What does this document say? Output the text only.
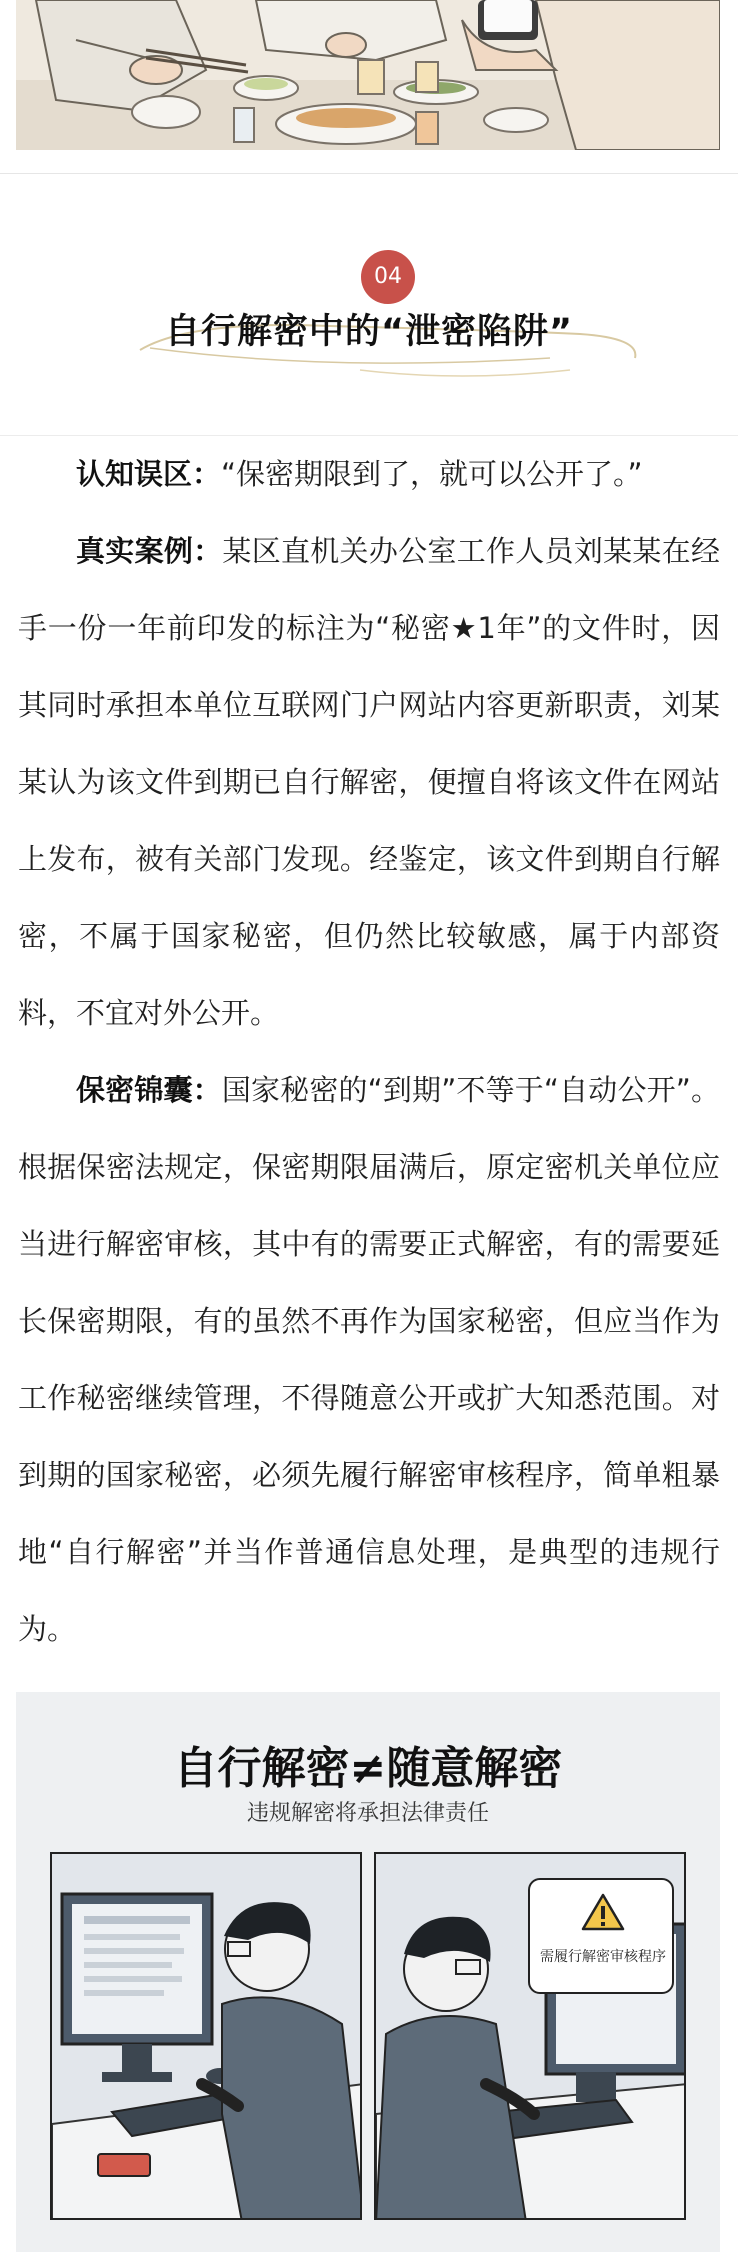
04
自行解密中的“泄密陷阱”

认知误区：“保密期限到了，就可以公开了。”

真实案例：某区直机关办公室工作人员刘某某在经手一份一年前印发的标注为“秘密★1年”的文件时，因其同时承担本单位互联网门户网站内容更新职责，刘某某认为该文件到期已自行解密，便擅自将该文件在网站上发布，被有关部门发现。经鉴定，该文件到期自行解密，不属于国家秘密，但仍然比较敏感，属于内部资料，不宜对外公开。

保密锦囊：国家秘密的“到期”不等于“自动公开”。根据保密法规定，保密期限届满后，原定密机关单位应当进行解密审核，其中有的需要正式解密，有的需要延长保密期限，有的虽然不再作为国家秘密，但应当作为工作秘密继续管理，不得随意公开或扩大知悉范围。对到期的国家秘密，必须先履行解密审核程序，简单粗暴地“自行解密”并当作普通信息处理，是典型的违规行为。

自行解密≠随意解密
违规解密将承担法律责任
需履行解密审核程序
